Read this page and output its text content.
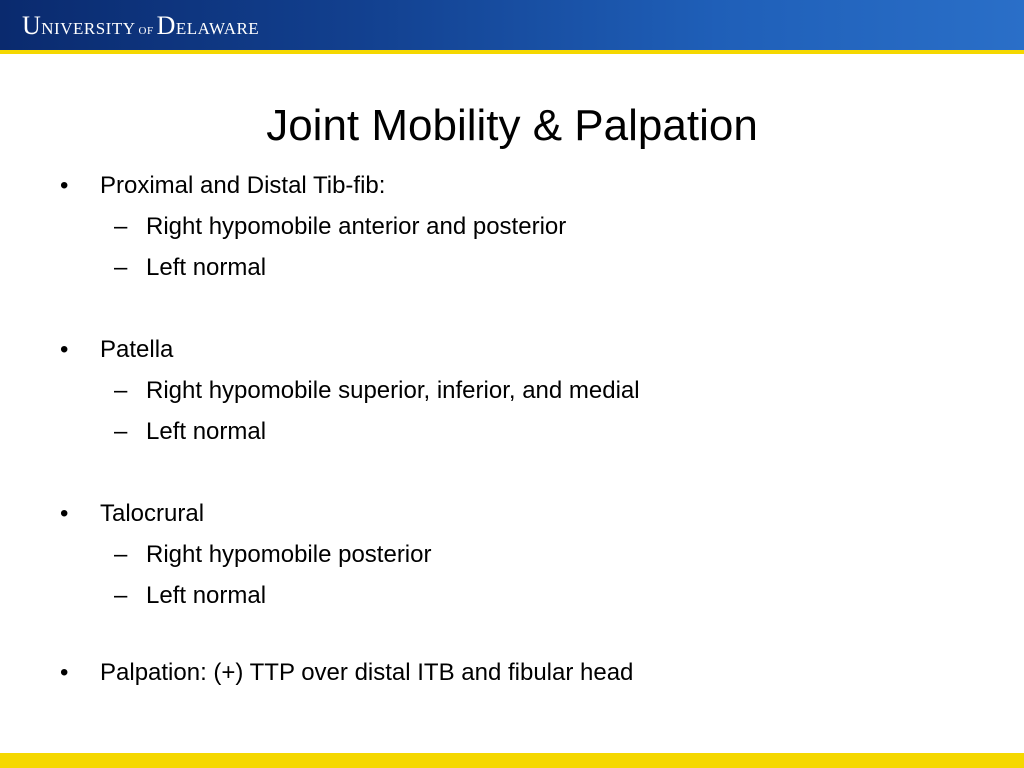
U NIVERSITY OF D ELAWARE
Joint Mobility & Palpation
•	Proximal and Distal Tib-fib:
– Right hypomobile anterior and posterior
– Left normal
•	Patella
– Right hypomobile superior, inferior, and medial
– Left normal
•	Talocrural
– Right hypomobile posterior
– Left normal
•	Palpation: (+) TTP over distal ITB and fibular head
